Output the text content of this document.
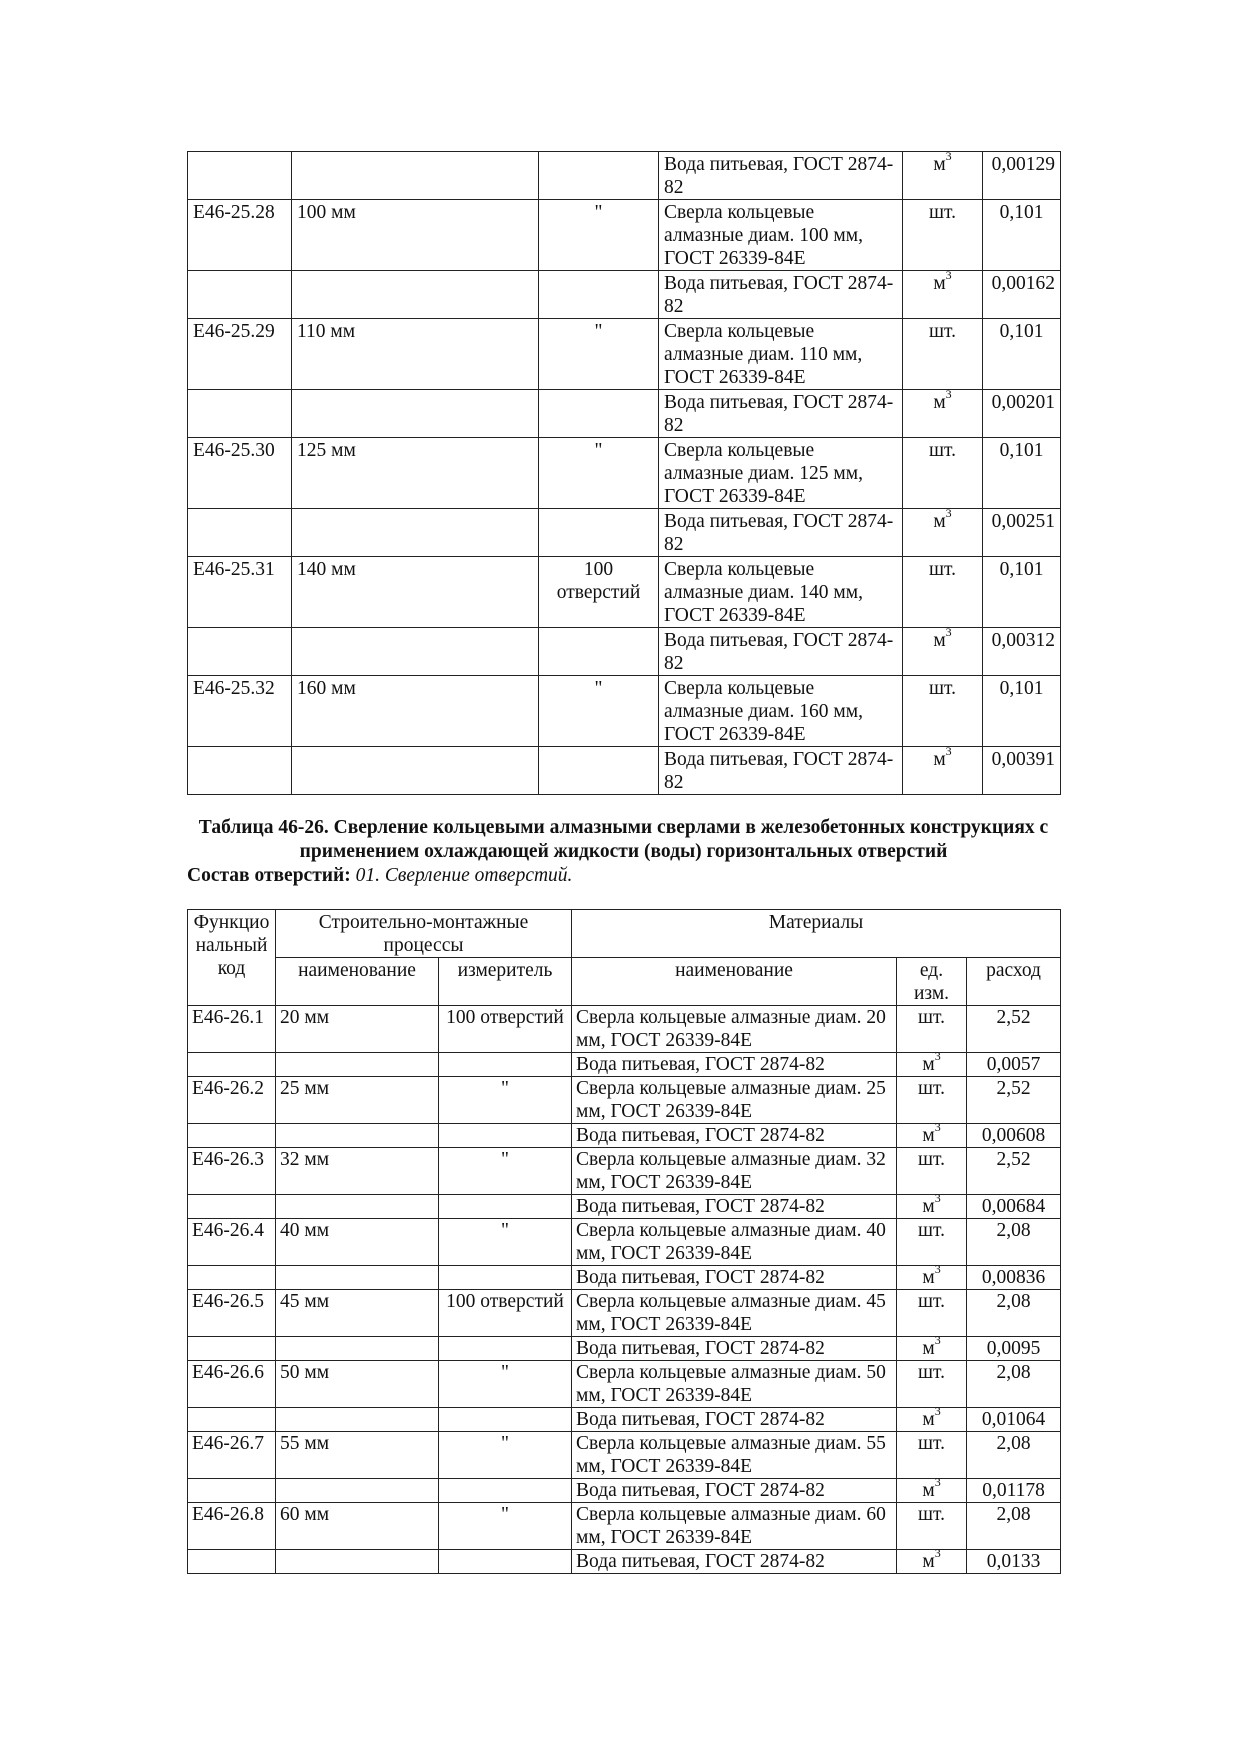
			Вода питьевая, ГОСТ 2874-82	$м^3$	0,00129
Е46-25.28	100 мм	"	Сверла кольцевые алмазные диам. 100 мм, ГОСТ 26339-84Е	шт.	0,101
			Вода питьевая, ГОСТ 2874-82	$м^3$	0,00162
Е46-25.29	110 мм	"	Сверла кольцевые алмазные диам. 110 мм, ГОСТ 26339-84Е	шт.	0,101
			Вода питьевая, ГОСТ 2874-82	$м^3$	0,00201
Е46-25.30	125 мм	"	Сверла кольцевые алмазные диам. 125 мм, ГОСТ 26339-84Е	шт.	0,101
			Вода питьевая, ГОСТ 2874-82	$м^3$	0,00251
Е46-25.31	140 мм	100 отверстий	Сверла кольцевые алмазные диам. 140 мм, ГОСТ 26339-84Е	шт.	0,101
			Вода питьевая, ГОСТ 2874-82	$м^3$	0,00312
Е46-25.32	160 мм	"	Сверла кольцевые алмазные диам. 160 мм, ГОСТ 26339-84Е	шт.	0,101
			Вода питьевая, ГОСТ 2874-82	$м^3$	0,00391
Таблица 46-26. Сверление кольцевыми алмазными сверлами в железобетонных конструкциях с применением охлаждающей жидкости (воды) горизонтальных отверстий
Состав отверстий: 01. Сверление отверстий.
Функцио нальный код	Строительно-монтажные процессы		Материалы		
	наименование	измеритель	наименование	ед. изм.	расход
Е46-26.1	20 мм	100 отверстий	Сверла кольцевые алмазные диам. 20 мм, ГОСТ 26339-84Е	шт.	2,52
			Вода питьевая, ГОСТ 2874-82	$м^3$	0,0057
Е46-26.2	25 мм	"	Сверла кольцевые алмазные диам. 25 мм, ГОСТ 26339-84Е	шт.	2,52
			Вода питьевая, ГОСТ 2874-82	$м^3$	0,00608
Е46-26.3	32 мм	"	Сверла кольцевые алмазные диам. 32 мм, ГОСТ 26339-84Е	шт.	2,52
			Вода питьевая, ГОСТ 2874-82	$м^3$	0,00684
Е46-26.4	40 мм	"	Сверла кольцевые алмазные диам. 40 мм, ГОСТ 26339-84Е	шт.	2,08
			Вода питьевая, ГОСТ 2874-82	$м^3$	0,00836
Е46-26.5	45 мм	100 отверстий	Сверла кольцевые алмазные диам. 45 мм, ГОСТ 26339-84Е	шт.	2,08
			Вода питьевая, ГОСТ 2874-82	$м^3$	0,0095
Е46-26.6	50 мм	"	Сверла кольцевые алмазные диам. 50 мм, ГОСТ 26339-84Е	шт.	2,08
			Вода питьевая, ГОСТ 2874-82	$м^3$	0,01064
Е46-26.7	55 мм	"	Сверла кольцевые алмазные диам. 55 мм, ГОСТ 26339-84Е	шт.	2,08
			Вода питьевая, ГОСТ 2874-82	$м^3$	0,01178
Е46-26.8	60 мм	"	Сверла кольцевые алмазные диам. 60 мм, ГОСТ 26339-84Е	шт.	2,08
			Вода питьевая, ГОСТ 2874-82	$м^3$	0,0133
